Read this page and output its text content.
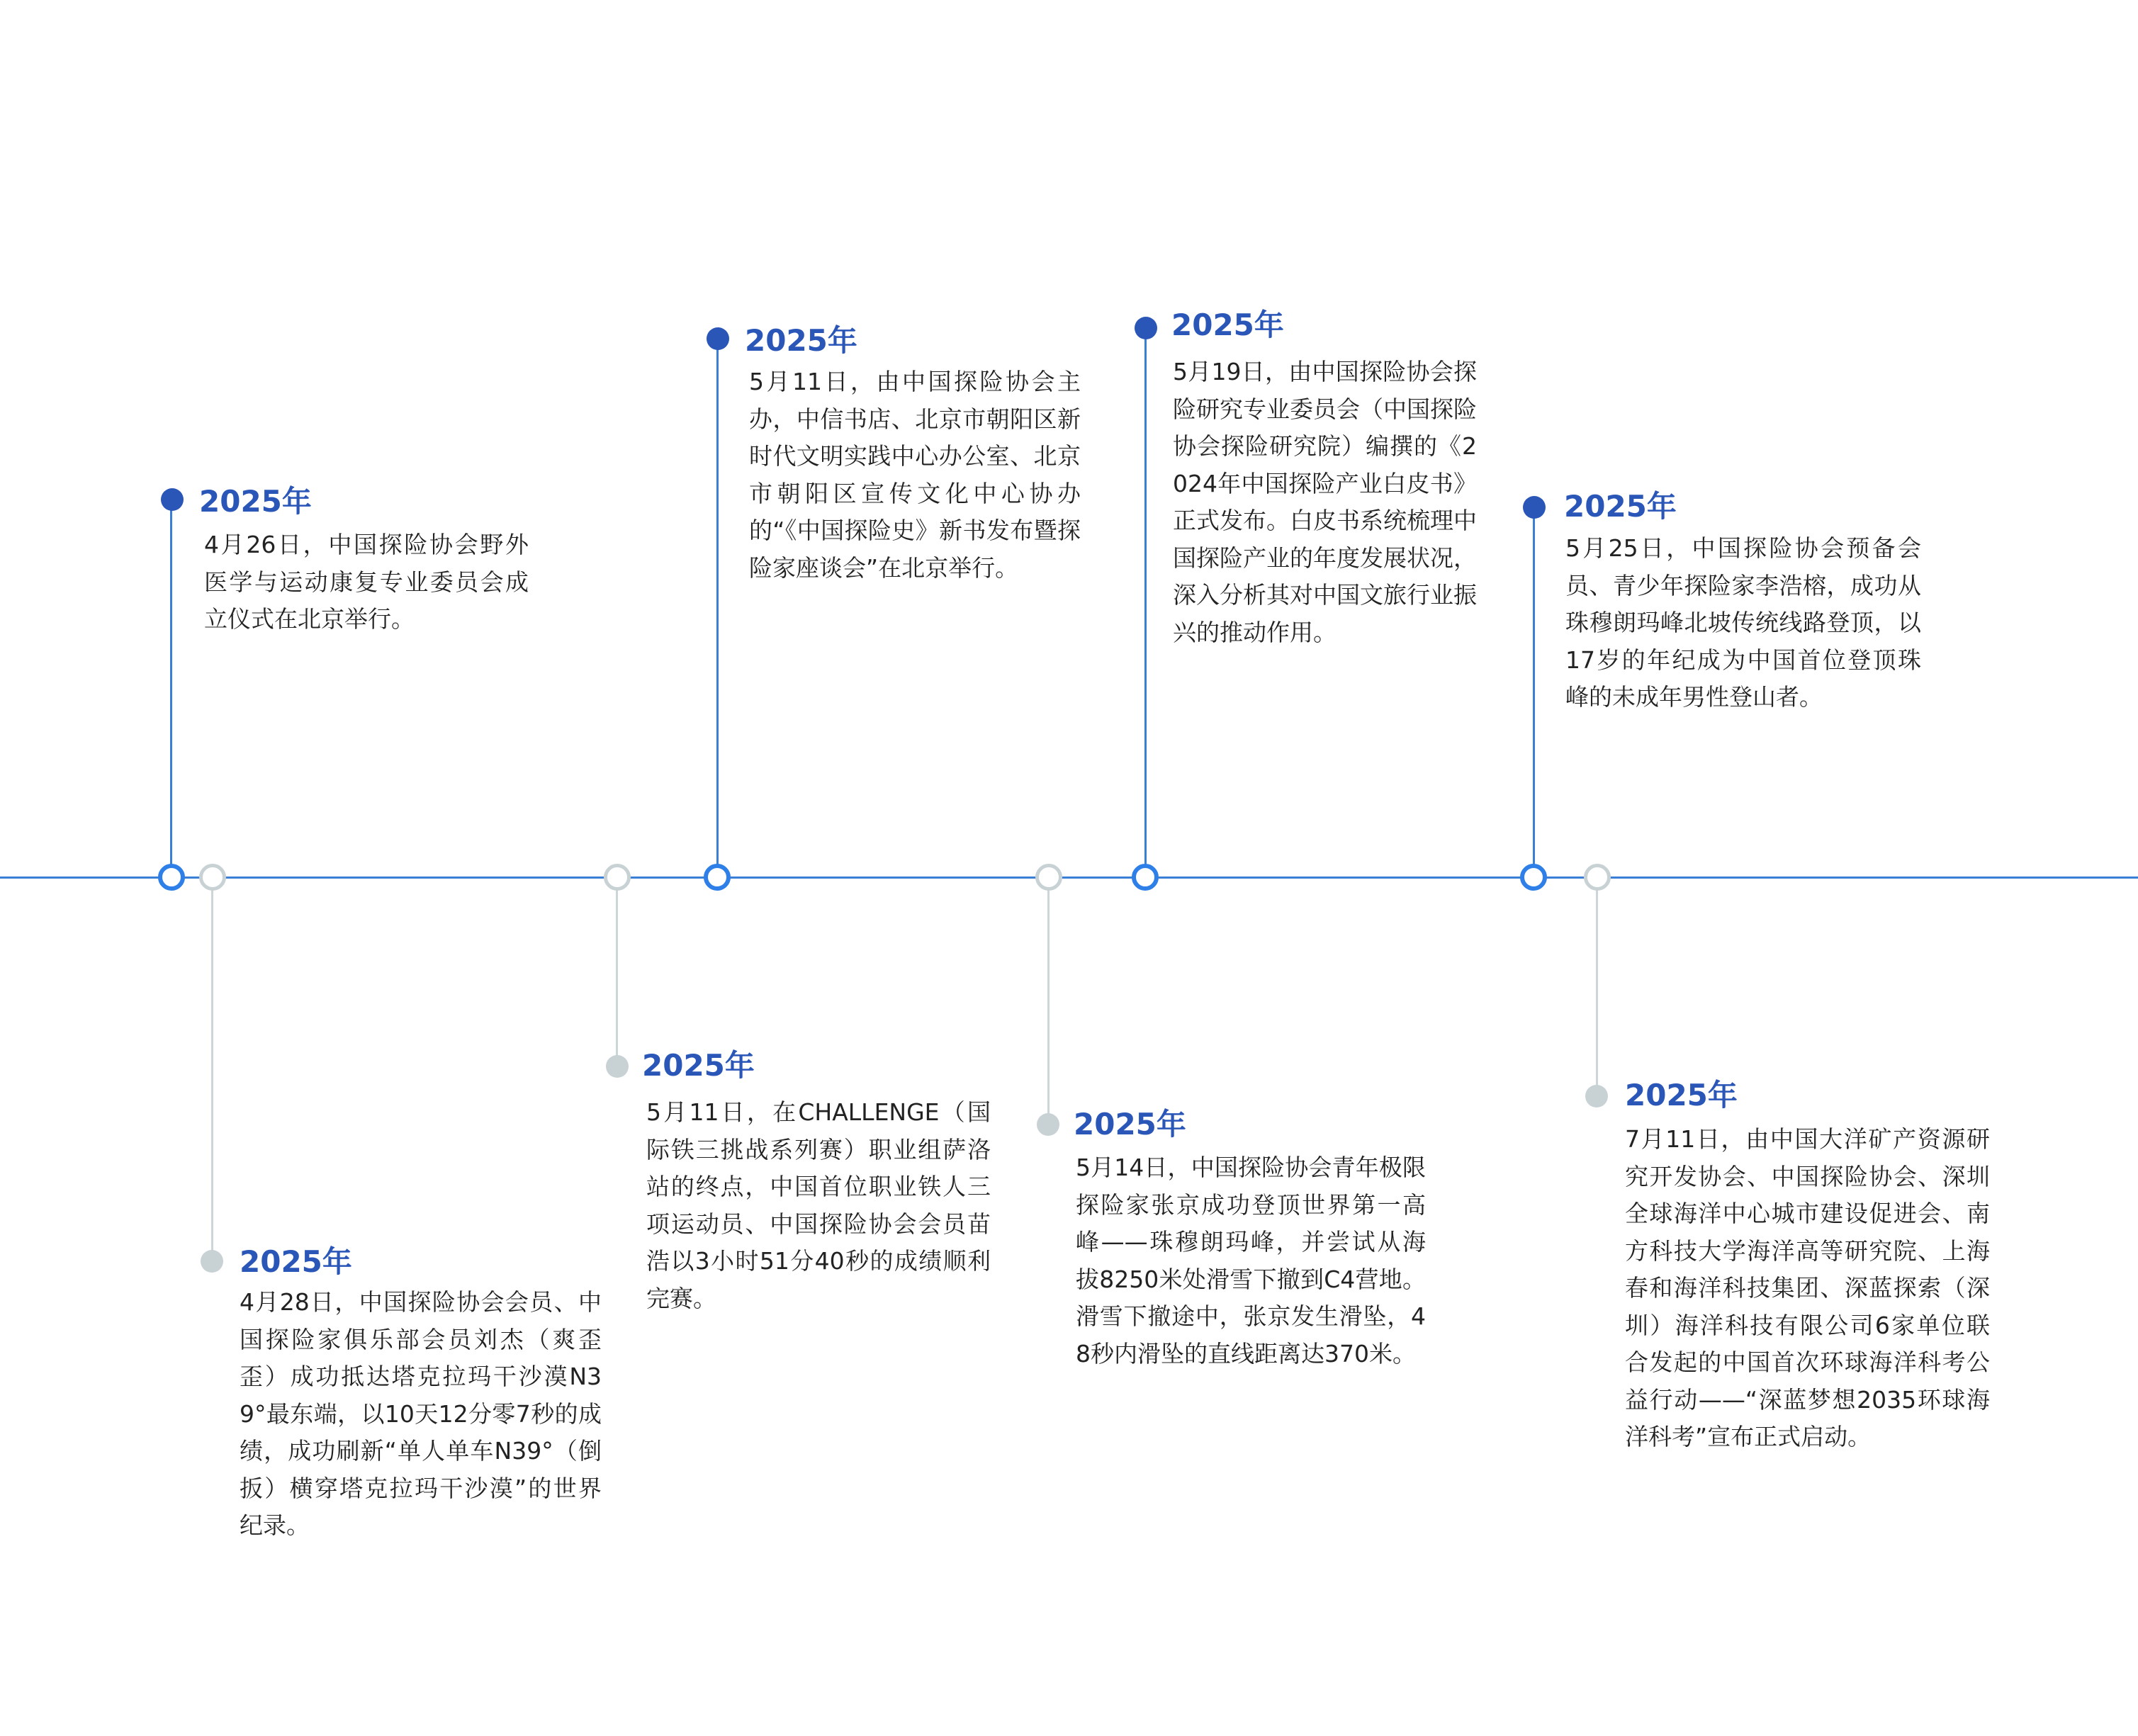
2025年
4月26日，中国探险协会野外医学与运动康复专业委员会成立仪式在北京举行。
2025年
4月28日，中国探险协会会员、中国探险家俱乐部会员刘杰（爽歪歪）成功抵达塔克拉玛干沙漠N39°最东端，以10天12分零7秒的成绩，成功刷新“单人单车N39°（倒扳）横穿塔克拉玛干沙漠”的世界纪录。
2025年
5月11日，在CHALLENGE（国际铁三挑战系列赛）职业组萨洛站的终点，中国首位职业铁人三项运动员、中国探险协会会员苗浩以3小时51分40秒的成绩顺利完赛。
2025年
5月11日，由中国探险协会主办，中信书店、北京市朝阳区新时代文明实践中心办公室、北京市朝阳区宣传文化中心协办的“《中国探险史》新书发布暨探险家座谈会”在北京举行。
2025年
5月14日，中国探险协会青年极限探险家张京成功登顶世界第一高峰——珠穆朗玛峰，并尝试从海拔8250米处滑雪下撤到C4营地。滑雪下撤途中，张京发生滑坠，48秒内滑坠的直线距离达370米。
2025年
5月19日，由中国探险协会探险研究专业委员会（中国探险协会探险研究院）编撰的《2024年中国探险产业白皮书》正式发布。白皮书系统梳理中国探险产业的年度发展状况，深入分析其对中国文旅行业振兴的推动作用。
2025年
5月25日，中国探险协会预备会员、青少年探险家李浩榕，成功从珠穆朗玛峰北坡传统线路登顶，以17岁的年纪成为中国首位登顶珠峰的未成年男性登山者。
2025年
7月11日，由中国大洋矿产资源研究开发协会、中国探险协会、深圳全球海洋中心城市建设促进会、南方科技大学海洋高等研究院、上海春和海洋科技集团、深蓝探索（深圳）海洋科技有限公司6家单位联合发起的中国首次环球海洋科考公益行动——“深蓝梦想2035环球海洋科考”宣布正式启动。
